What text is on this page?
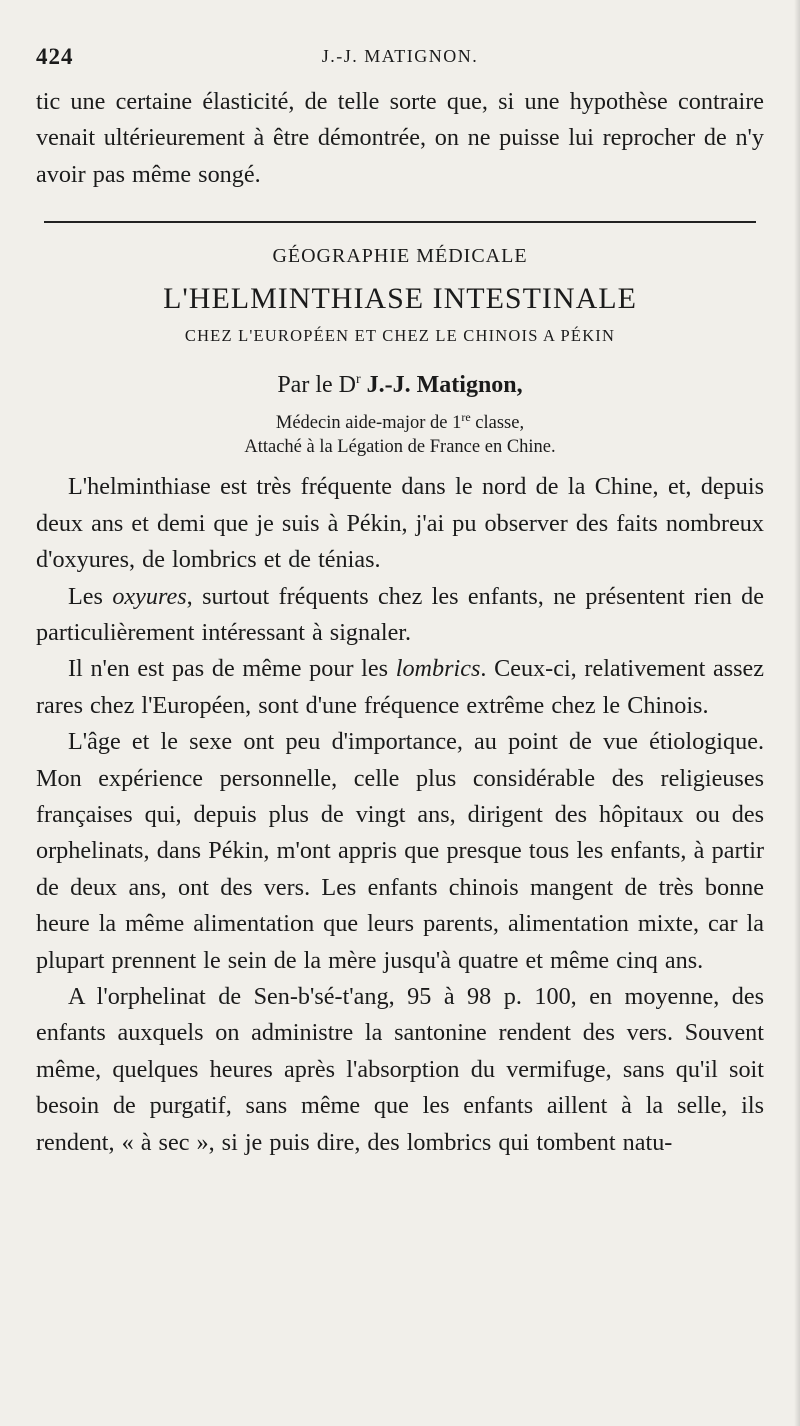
424	J.-J. MATIGNON.

tic une certaine élasticité, de telle sorte que, si une hypothèse contraire venait ultérieurement à être démontrée, on ne puisse lui reprocher de n'y avoir pas même songé.

GÉOGRAPHIE MÉDICALE
L'HELMINTHIASE INTESTINALE
CHEZ L'EUROPÉEN ET CHEZ LE CHINOIS A PÉKIN
Par le $D^r$ J.-J. Matignon,

Médecin aide-major de 1re classe,

Attaché à la Légation de France en Chine.

L'helminthiase est très fréquente dans le nord de la Chine, et, depuis deux ans et demi que je suis à Pékin, j'ai pu observer des faits nombreux d'oxyures, de lombrics et de ténias.

Les oxyures, surtout fréquents chez les enfants, ne présentent rien de particulièrement intéressant à signaler.

Il n'en est pas de même pour les lombrics. Ceux-ci, relativement assez rares chez l'Européen, sont d'une fréquence extrême chez le Chinois.

L'âge et le sexe ont peu d'importance, au point de vue étiologique. Mon expérience personnelle, celle plus considérable des religieuses françaises qui, depuis plus de vingt ans, dirigent des hôpitaux ou des orphelinats, dans Pékin, m'ont appris que presque tous les enfants, à partir de deux ans, ont des vers. Les enfants chinois mangent de très bonne heure la même alimentation que leurs parents, alimentation mixte, car la plupart prennent le sein de la mère jusqu'à quatre et même cinq ans.

A l'orphelinat de Sen-b'sé-t'ang, 95 à 98 p. 100, en moyenne, des enfants auxquels on administre la santonine rendent des vers. Souvent même, quelques heures après l'absorption du vermifuge, sans qu'il soit besoin de purgatif, sans même que les enfants aillent à la selle, ils rendent, « à sec », si je puis dire, des lombrics qui tombent natu-
